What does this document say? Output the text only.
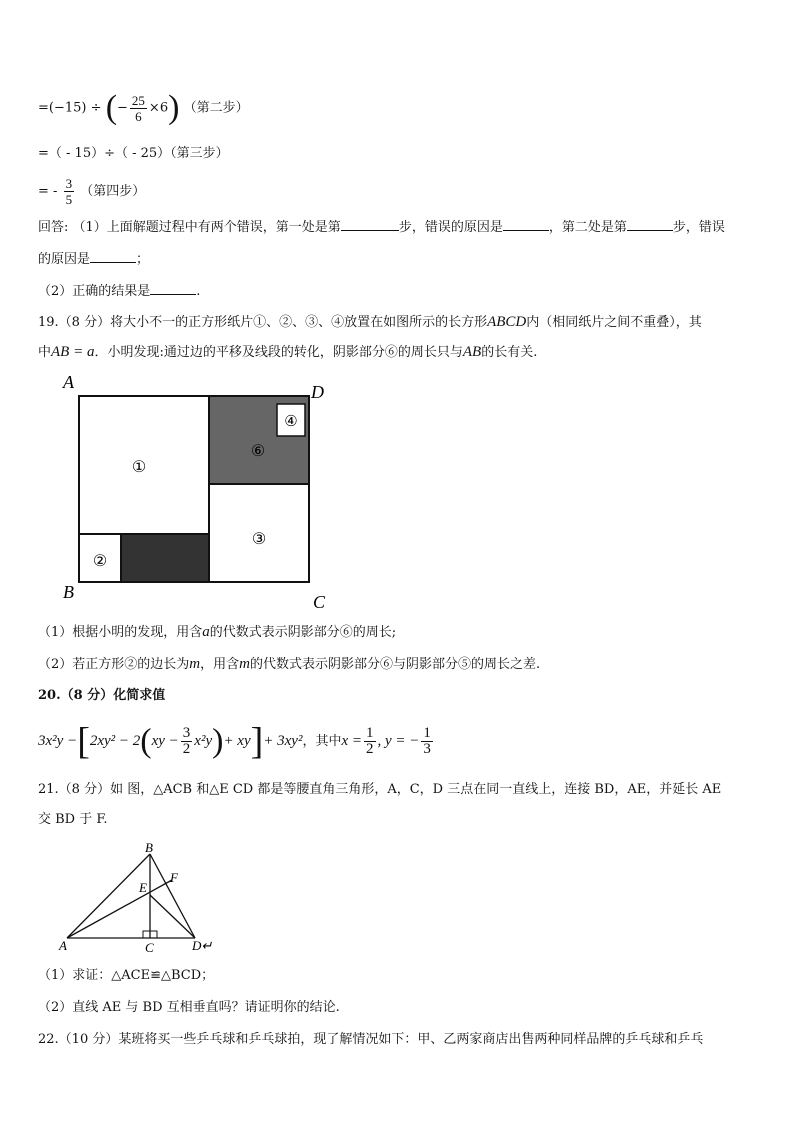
=(−15) ÷ (− $\frac{25}{6} \times 6$) （第二步）
=（ - 15）÷（ - 25）（第三步）
= - $\frac{3}{5}$ （第四步）
回答: （1）上面解题过程中有两个错误，第一处是第	步，错误的原因是	，第二处是第	步，错误
的原因是	；
（2）正确的结果是	.
19.（8 分）将大小不一的正方形纸片①、②、③、④放置在如图所示的长方形ABCD内（相同纸片之间不重叠），其
中AB = a．小明发现:通过边的平移及线段的转化，阴影部分⑥的周长只与AB的长有关.
①
⑥
④
③
②	⑤
A	D
B	C
（1）根据小明的发现，用含a的代数式表示阴影部分⑥的周长;
（2）若正方形②的边长为m，用含m的代数式表示阴影部分⑥与阴影部分⑤的周长之差.
20.（8 分）化简求值
$3x^2y -[2xy^2 - 2(xy - \frac{3}{2} x^2y)+ xy]+ 3xy^2$，其中$x = \frac{1}{2}$ , y = − $\frac{1}{3}$
21.（8 分）如 图，△ACB 和△E CD 都是等腰直角三角形，A，C，D 三点在同一直线上，连接 BD，AE，并延长 AE
交 BD 于 F.
B
E
F
A	C	D↵
（1）求证：△ACE≌△BCD；
（2）直线 AE 与 BD 互相垂直吗？请证明你的结论.
22.（10 分）某班将买一些乒乓球和乒乓球拍，现了解情况如下：甲、乙两家商店出售两种同样品牌的乒乓球和乒乓
